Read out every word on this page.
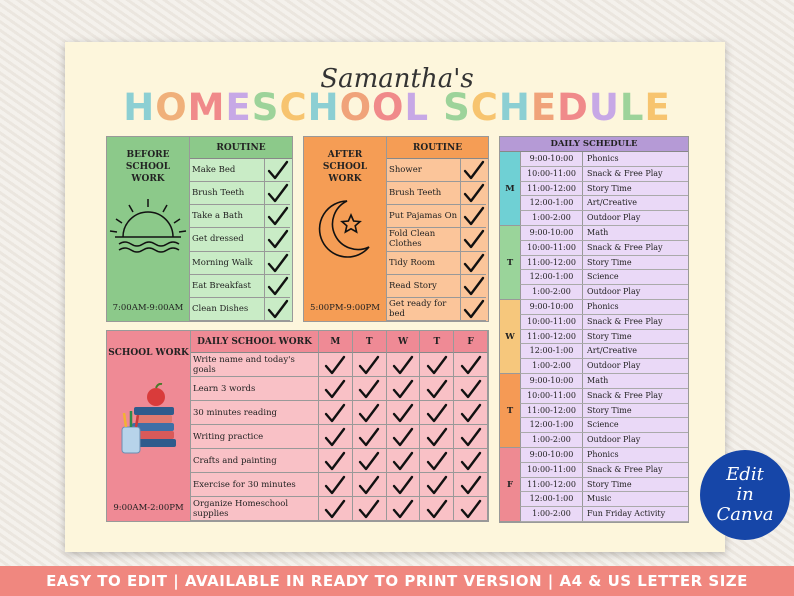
Samantha's
HOMESCHOOL SCHEDULE
BEFORE SCHOOL WORK
7:00AM-9:00AM
ROUTINE
Make Bed
Brush Teeth
Take a Bath
Get dressed
Morning Walk
Eat Breakfast
Clean Dishes
AFTER SCHOOL WORK
5:00PM-9:00PM
ROUTINE
Shower
Brush Teeth
Put Pajamas On
Fold Clean Clothes
Tidy Room
Read Story
Get ready for bed
SCHOOL WORK
9:00AM-2:00PM
DAILY SCHOOL WORK	M	T	W	T	F
Write name and today's goals
Learn 3 words
30 minutes reading
Writing practice
Crafts and painting
Exercise for 30 minutes
Organize Homeschool supplies
DAILY SCHEDULE
M
9:00-10:00	Phonics
10:00-11:00	Snack & Free Play
11:00-12:00	Story Time
12:00-1:00	Art/Creative
1:00-2:00	Outdoor Play
T
9:00-10:00	Math
10:00-11:00	Snack & Free Play
11:00-12:00	Story Time
12:00-1:00	Science
1:00-2:00	Outdoor Play
W
9:00-10:00	Phonics
10:00-11:00	Snack & Free Play
11:00-12:00	Story Time
12:00-1:00	Art/Creative
1:00-2:00	Outdoor Play
T
9:00-10:00	Math
10:00-11:00	Snack & Free Play
11:00-12:00	Story Time
12:00-1:00	Science
1:00-2:00	Outdoor Play
F
9:00-10:00	Phonics
10:00-11:00	Snack & Free Play
11:00-12:00	Story Time
12:00-1:00	Music
1:00-2:00	Fun Friday Activity
Edit
in
Canva
EASY TO EDIT | AVAILABLE IN READY TO PRINT VERSION | A4 & US LETTER SIZE
